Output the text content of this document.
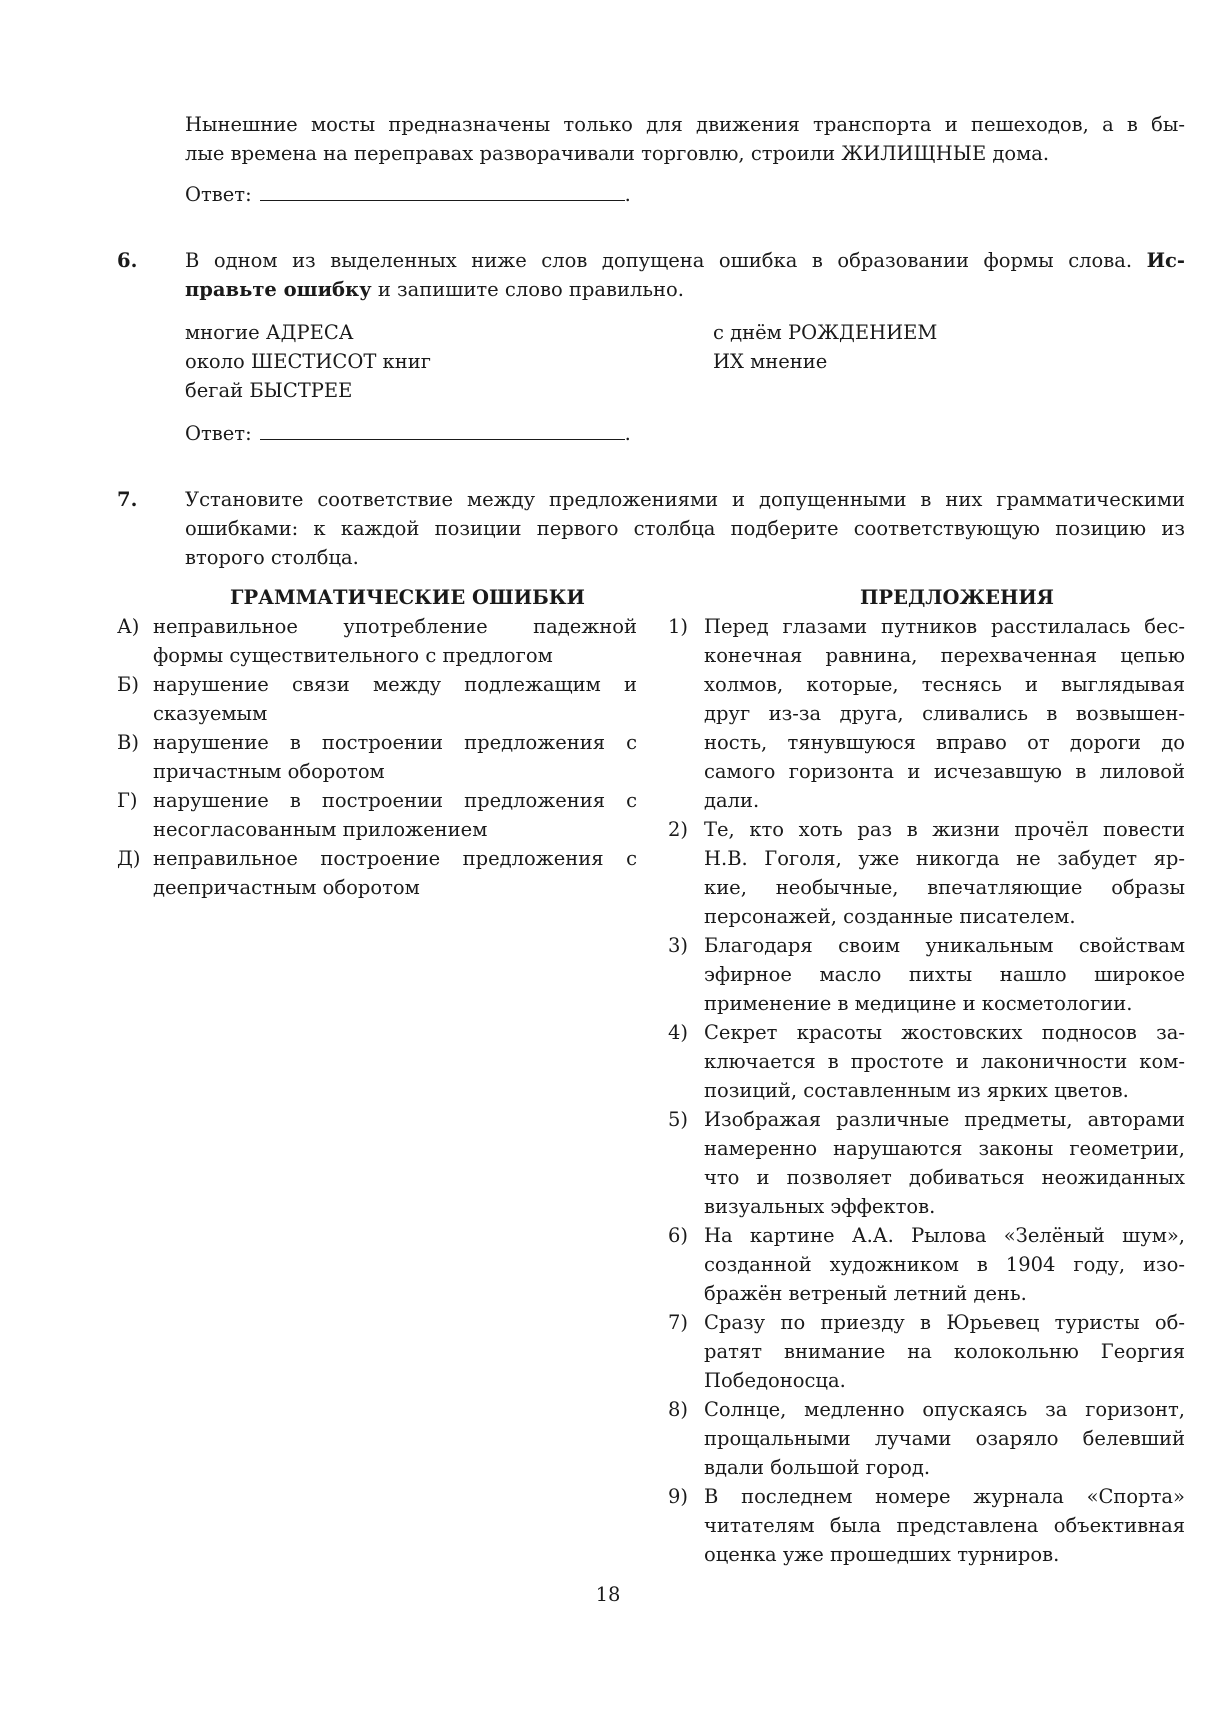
Нынешние мосты предназначены только для движения транспорта и пешеходов, а в бы-
лые времена на переправах разворачивали торговлю, строили ЖИЛИЩНЫЕ дома.
Ответ:	.
6. В одном из выделенных ниже слов допущена ошибка в образовании формы слова. Ис-
правьте ошибку и запишите слово правильно.
многие АДРЕСА
около ШЕСТИСОТ книг
бегай БЫСТРЕЕ
с днём РОЖДЕНИЕМ
ИХ мнение
Ответ:	.
7. Установите соответствие между предложениями и допущенными в них грамматическими
ошибками: к каждой позиции первого столбца подберите соответствующую позицию из
второго столбца.
ГРАММАТИЧЕСКИЕ ОШИБКИ	ПРЕДЛОЖЕНИЯ
А) неправильное употребление падежной
формы существительного с предлогом
Б) нарушение связи между подлежащим и
сказуемым
В) нарушение в построении предложения с
причастным оборотом
Г) нарушение в построении предложения с
несогласованным приложением
Д) неправильное построение предложения с
деепричастным оборотом
1) Перед глазами путников расстилалась бес-
конечная равнина, перехваченная цепью
холмов, которые, теснясь и выглядывая
друг из-за друга, сливались в возвышен-
ность, тянувшуюся вправо от дороги до
самого горизонта и исчезавшую в лиловой
дали.
2) Те, кто хоть раз в жизни прочёл повести
Н.В. Гоголя, уже никогда не забудет яр-
кие, необычные, впечатляющие образы
персонажей, созданные писателем.
3) Благодаря своим уникальным свойствам
эфирное масло пихты нашло широкое
применение в медицине и косметологии.
4) Секрет красоты жостовских подносов за-
ключается в простоте и лаконичности ком-
позиций, составленным из ярких цветов.
5) Изображая различные предметы, авторами
намеренно нарушаются законы геометрии,
что и позволяет добиваться неожиданных
визуальных эффектов.
6) На картине А.А. Рылова «Зелёный шум»,
созданной художником в 1904 году, изо-
бражён ветреный летний день.
7) Сразу по приезду в Юрьевец туристы об-
ратят внимание на колокольню Георгия
Победоносца.
8) Солнце, медленно опускаясь за горизонт,
прощальными лучами озаряло белевший
вдали большой город.
9) В последнем номере журнала «Спорта»
читателям была представлена объективная
оценка уже прошедших турниров.
18
